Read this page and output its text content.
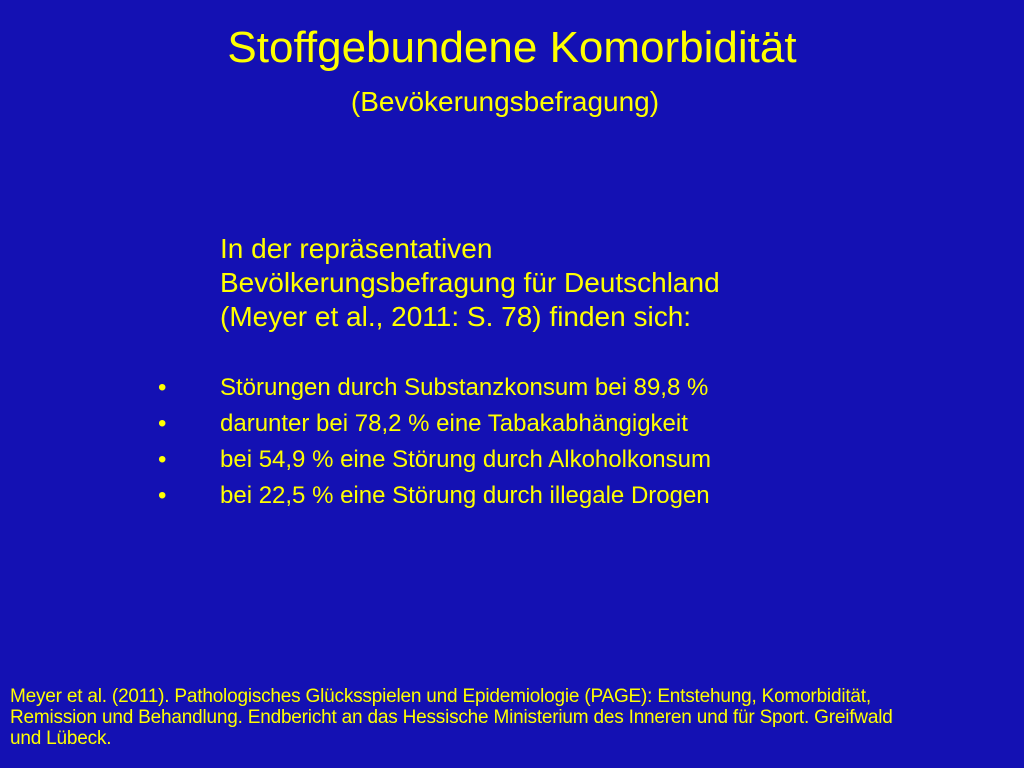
Stoffgebundene Komorbidität

(Bevökerungsbefragung)

In der repräsentativen
Bevölkerungsbefragung für Deutschland
(Meyer et al., 2011: S. 78) finden sich:
•	Störungen durch Substanzkonsum bei 89,8 %
•	darunter bei 78,2 % eine Tabakabhängigkeit
•	bei 54,9 % eine Störung durch Alkoholkonsum
•	bei 22,5 % eine Störung durch illegale Drogen
Meyer et al. (2011). Pathologisches Glücksspielen und Epidemiologie (PAGE): Entstehung, Komorbidität,
Remission und Behandlung. Endbericht an das Hessische Ministerium des Inneren und für Sport. Greifwald
und Lübeck.
